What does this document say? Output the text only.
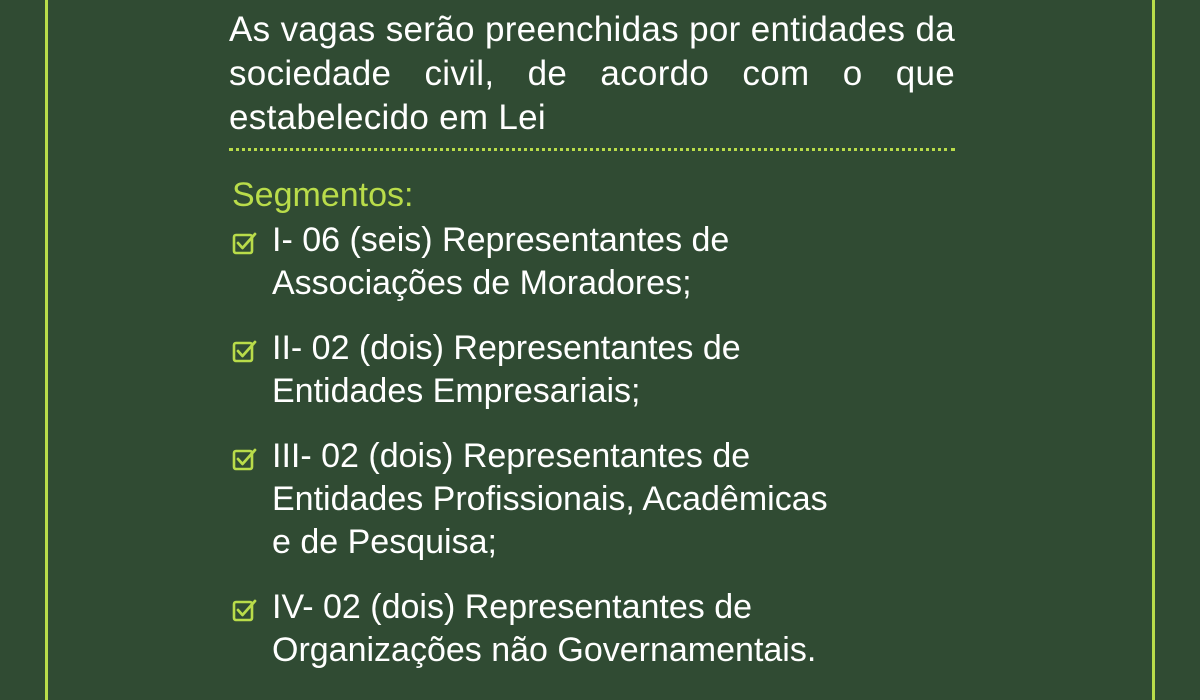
As vagas serão preenchidas por entidades da sociedade civil, de acordo com o que estabelecido em Lei

Segmentos:
I- 06 (seis) Representantes de
Associações de Moradores;
II- 02 (dois) Representantes de
Entidades Empresariais;
III- 02 (dois) Representantes de
Entidades Profissionais, Acadêmicas
e de Pesquisa;
IV- 02 (dois) Representantes de
Organizações não Governamentais.
